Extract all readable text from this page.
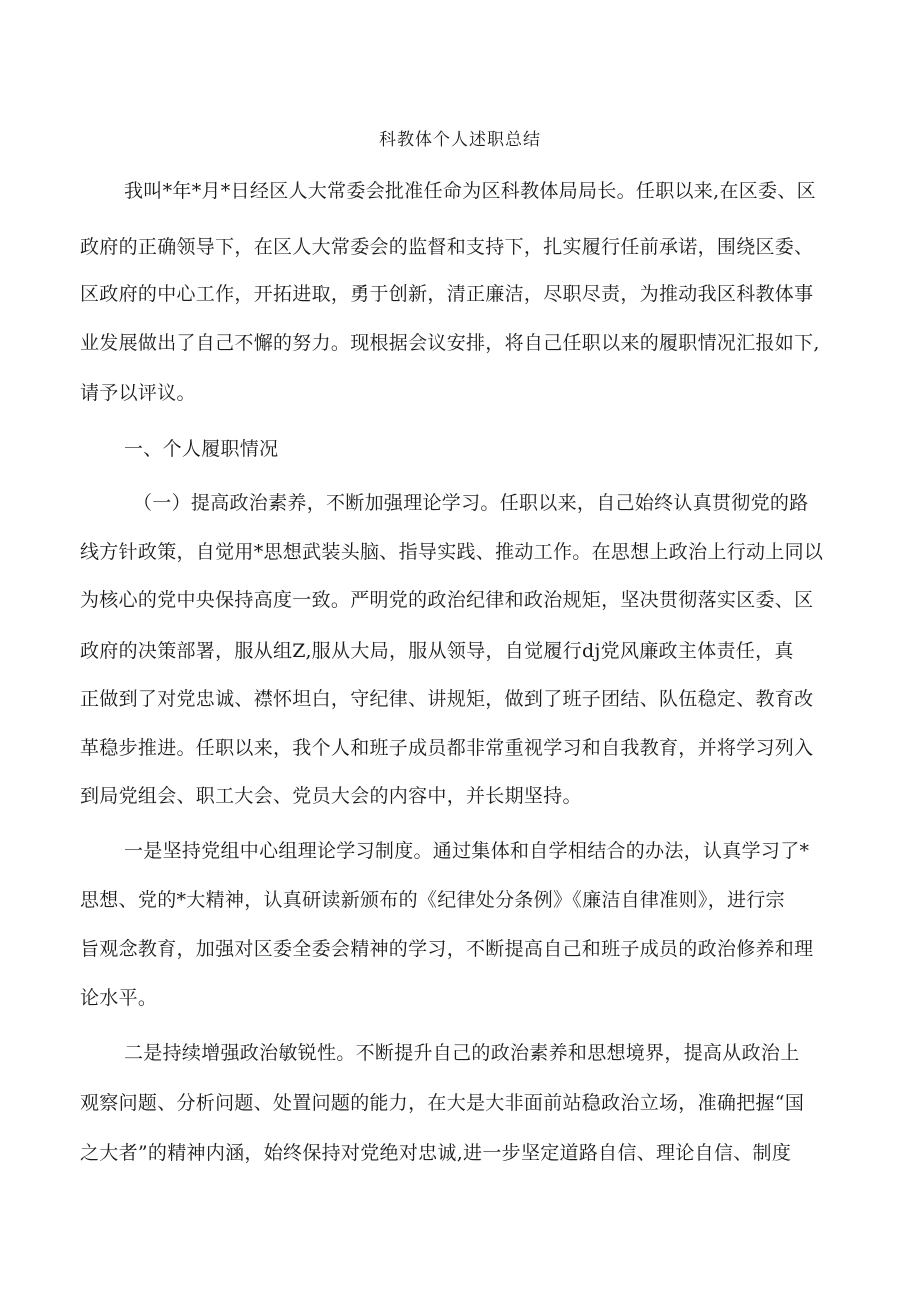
科教体个人述职总结
我叫*年*月*日经区人大常委会批准任命为区科教体局局长。任职以来,在区委、区
政府的正确领导下，在区人大常委会的监督和支持下，扎实履行任前承诺，围绕区委、
区政府的中心工作，开拓进取，勇于创新，清正廉洁，尽职尽责，为推动我区科教体事
业发展做出了自己不懈的努力。现根据会议安排，将自己任职以来的履职情况汇报如下,
请予以评议。
一、个人履职情况
（一）提高政治素养，不断加强理论学习。任职以来，自己始终认真贯彻党的路
线方针政策，自觉用*思想武装头脑、指导实践、推动工作。在思想上政治上行动上同以
为核心的党中央保持高度一致。严明党的政治纪律和政治规矩，坚决贯彻落实区委、区
政府的决策部署，服从组Z,服从大局，服从领导，自觉履行dj党风廉政主体责任，真
正做到了对党忠诚、襟怀坦白，守纪律、讲规矩，做到了班子团结、队伍稳定、教育改
革稳步推进。任职以来，我个人和班子成员都非常重视学习和自我教育，并将学习列入
到局党组会、职工大会、党员大会的内容中，并长期坚持。
一是坚持党组中心组理论学习制度。通过集体和自学相结合的办法，认真学习了*
思想、党的*大精神，认真研读新颁布的《纪律处分条例》《廉洁自律准则》，进行宗
旨观念教育，加强对区委全委会精神的学习，不断提高自己和班子成员的政治修养和理
论水平。
二是持续增强政治敏锐性。不断提升自己的政治素养和思想境界，提高从政治上
观察问题、分析问题、处置问题的能力，在大是大非面前站稳政治立场，准确把握“国
之大者”的精神内涵，始终保持对党绝对忠诚,进一步坚定道路自信、理论自信、制度
